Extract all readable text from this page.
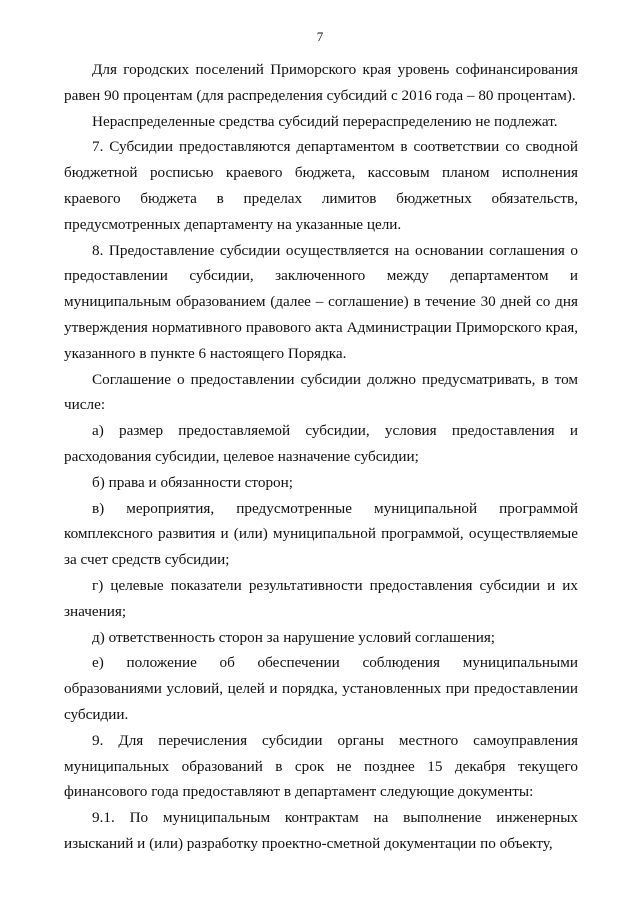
7

Для городских поселений Приморского края уровень софинансирования равен 90 процентам (для распределения субсидий с 2016 года – 80 процентам).

Нераспределенные средства субсидий перераспределению не подлежат.

7. Субсидии предоставляются департаментом в соответствии со сводной бюджетной росписью краевого бюджета, кассовым планом исполнения краевого бюджета в пределах лимитов бюджетных обязательств, предусмотренных департаменту на указанные цели.

8. Предоставление субсидии осуществляется на основании соглашения о предоставлении субсидии, заключенного между департаментом и муниципальным образованием (далее – соглашение) в течение 30 дней со дня утверждения нормативного правового акта Администрации Приморского края, указанного в пункте 6 настоящего Порядка.

Соглашение о предоставлении субсидии должно предусматривать, в том числе:

а) размер предоставляемой субсидии, условия предоставления и расходования субсидии, целевое назначение субсидии;

б) права и обязанности сторон;

в) мероприятия, предусмотренные муниципальной программой комплексного развития и (или) муниципальной программой, осуществляемые за счет средств субсидии;

г) целевые показатели результативности предоставления субсидии и их значения;

д) ответственность сторон за нарушение условий соглашения;

е) положение об обеспечении соблюдения муниципальными образованиями условий, целей и порядка, установленных при предоставлении субсидии.

9. Для перечисления субсидии органы местного самоуправления муниципальных образований в срок не позднее 15 декабря текущего финансового года предоставляют в департамент следующие документы:

9.1. По муниципальным контрактам на выполнение инженерных изысканий и (или) разработку проектно-сметной документации по объекту,
